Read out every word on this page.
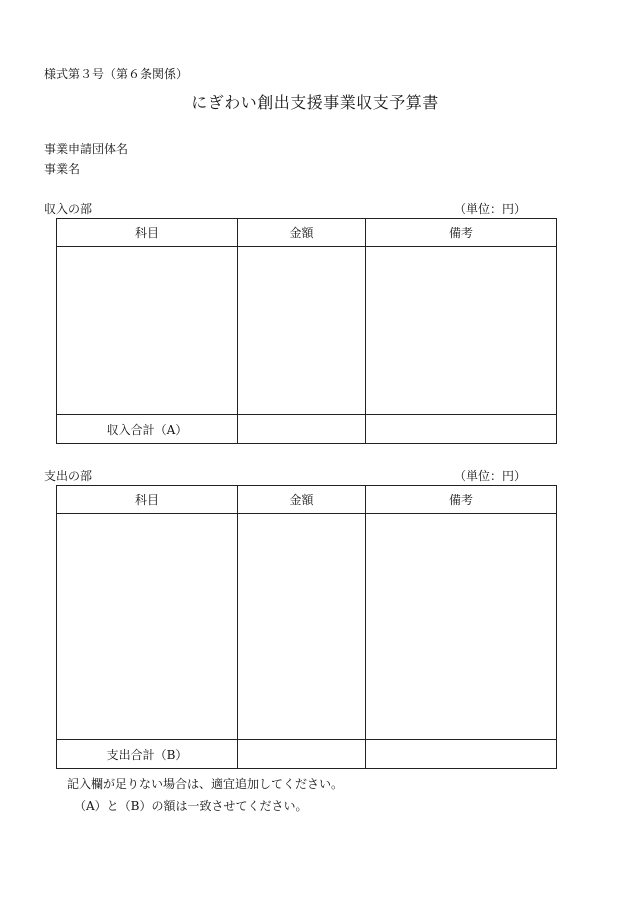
様式第３号（第６条関係）
にぎわい創出支援事業収支予算書
事業申請団体名
事業名
収入の部	（単位：円）
科目	金額	備考

収入合計（A）		
支出の部	（単位：円）
科目	金額	備考

支出合計（B）		
記入欄が足りない場合は、適宜追加してください。
（A）と（B）の額は一致させてください。
